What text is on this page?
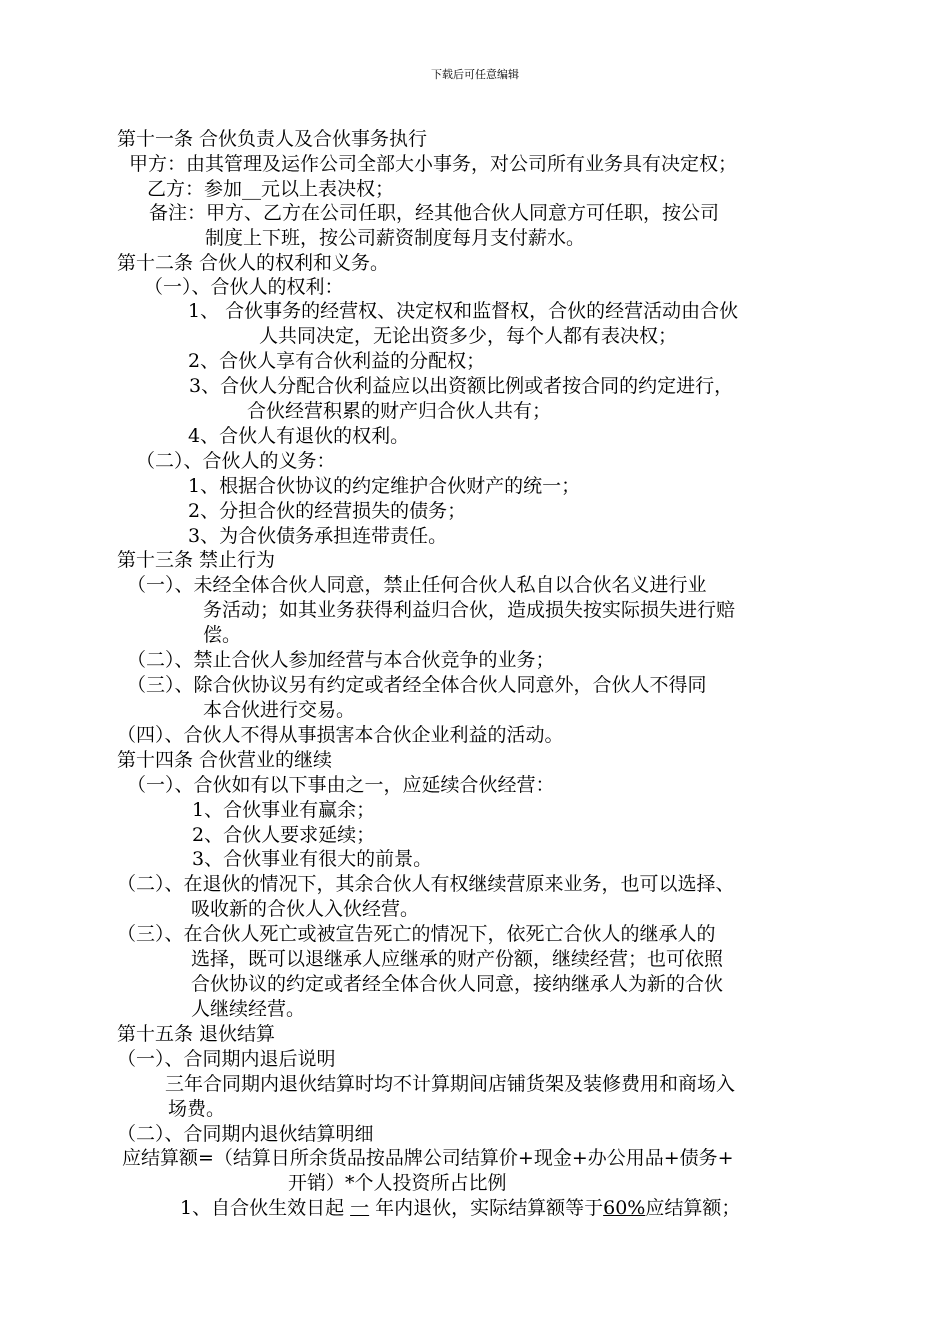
下载后可任意编辑
第十一条 合伙负责人及合伙事务执行
甲方：由其管理及运作公司全部大小事务，对公司所有业务具有决定权；
乙方：参加__元以上表决权；
备注：甲方、乙方在公司任职，经其他合伙人同意方可任职，按公司
制度上下班，按公司薪资制度每月支付薪水。
第十二条 合伙人的权利和义务。
（一）、合伙人的权利：
1、 合伙事务的经营权、决定权和监督权，合伙的经营活动由合伙
人共同决定，无论出资多少，每个人都有表决权；
2、合伙人享有合伙利益的分配权；
3、合伙人分配合伙利益应以出资额比例或者按合同的约定进行，
合伙经营积累的财产归合伙人共有；
4、合伙人有退伙的权利。
（二）、合伙人的义务：
1、根据合伙协议的约定维护合伙财产的统一；
2、分担合伙的经营损失的债务；
3、为合伙债务承担连带责任。
第十三条 禁止行为
（一）、未经全体合伙人同意，禁止任何合伙人私自以合伙名义进行业
务活动；如其业务获得利益归合伙，造成损失按实际损失进行赔
偿。
（二）、禁止合伙人参加经营与本合伙竞争的业务；
（三）、除合伙协议另有约定或者经全体合伙人同意外，合伙人不得同
本合伙进行交易。
（四）、合伙人不得从事损害本合伙企业利益的活动。
第十四条 合伙营业的继续
（一）、合伙如有以下事由之一，应延续合伙经营：
1、合伙事业有赢余；
2、合伙人要求延续；
3、合伙事业有很大的前景。
（二）、在退伙的情况下，其余合伙人有权继续营原来业务，也可以选择、
吸收新的合伙人入伙经营。
（三）、在合伙人死亡或被宣告死亡的情况下，依死亡合伙人的继承人的
选择，既可以退继承人应继承的财产份额，继续经营；也可依照
合伙协议的约定或者经全体合伙人同意，接纳继承人为新的合伙
人继续经营。
第十五条 退伙结算
（一）、合同期内退后说明
三年合同期内退伙结算时均不计算期间店铺货架及装修费用和商场入
场费。
（二）、合同期内退伙结算明细
应结算额=（结算日所余货品按品牌公司结算价+现金+办公用品+债务+
开销）*个人投资所占比例
1、自合伙生效日起 一 年内退伙，实际结算额等于60%应结算额；
